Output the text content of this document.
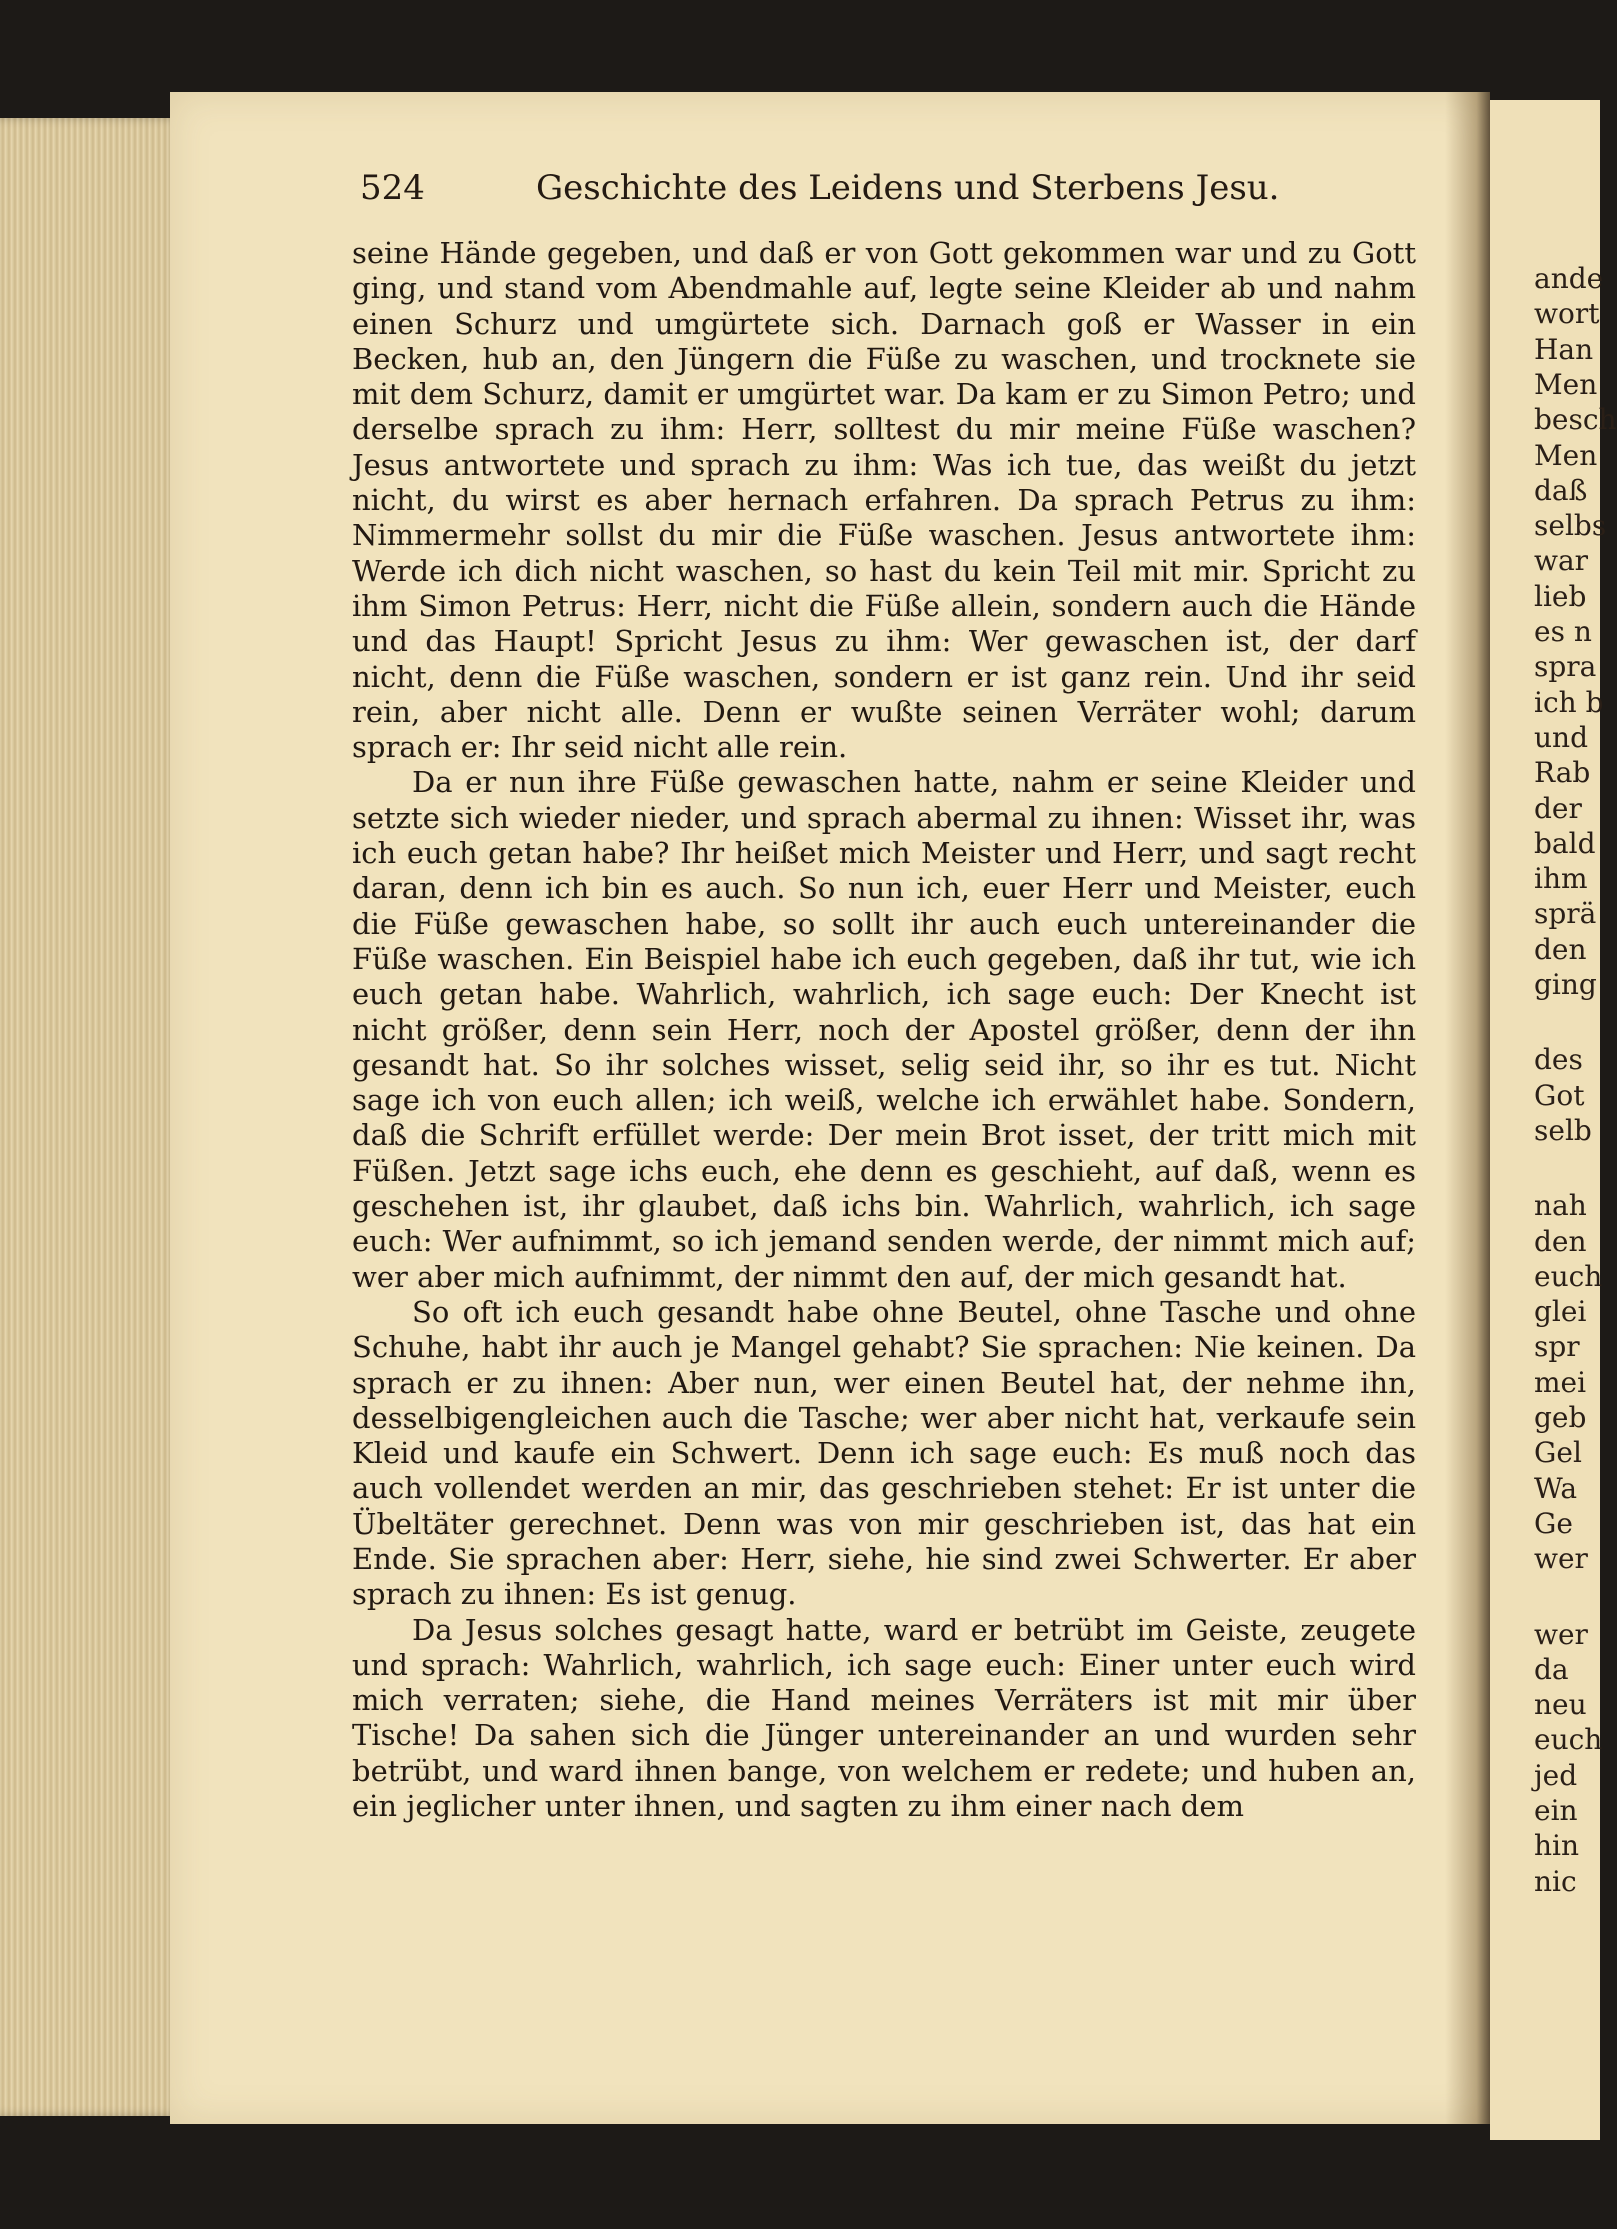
ande
wort
Han
Men
besch
Men
daß
selbs
war
lieb
es n
spra
ich b
und
Rab
der
bald
ihm
sprä
den
ging
des
Got
selb
nah
den
euch
glei
spr
mei
geb
Gel
Wa
Ge
wer
wer
da
neu
euch
jed
ein
hin
nic
524	Geschichte des Leidens und Sterbens Jesu.

seine Hände gegeben, und daß er von Gott gekommen war und zu Gott ging, und stand vom Abendmahle auf, legte seine Kleider ab und nahm einen Schurz und umgürtete sich. Darnach goß er Wasser in ein Becken, hub an, den Jüngern die Füße zu waschen, und trocknete sie mit dem Schurz, damit er umgürtet war. Da kam er zu Simon Petro; und derselbe sprach zu ihm: Herr, solltest du mir meine Füße waschen? Jesus antwortete und sprach zu ihm: Was ich tue, das weißt du jetzt nicht, du wirst es aber hernach erfahren. Da sprach Petrus zu ihm: Nimmermehr sollst du mir die Füße waschen. Jesus antwortete ihm: Werde ich dich nicht waschen, so hast du kein Teil mit mir. Spricht zu ihm Simon Petrus: Herr, nicht die Füße allein, sondern auch die Hände und das Haupt! Spricht Jesus zu ihm: Wer gewaschen ist, der darf nicht, denn die Füße waschen, sondern er ist ganz rein. Und ihr seid rein, aber nicht alle. Denn er wußte seinen Verräter wohl; darum sprach er: Ihr seid nicht alle rein.

Da er nun ihre Füße gewaschen hatte, nahm er seine Kleider und setzte sich wieder nieder, und sprach abermal zu ihnen: Wisset ihr, was ich euch getan habe? Ihr heißet mich Meister und Herr, und sagt recht daran, denn ich bin es auch. So nun ich, euer Herr und Meister, euch die Füße gewaschen habe, so sollt ihr auch euch untereinander die Füße waschen. Ein Beispiel habe ich euch gegeben, daß ihr tut, wie ich euch getan habe. Wahrlich, wahrlich, ich sage euch: Der Knecht ist nicht größer, denn sein Herr, noch der Apostel größer, denn der ihn gesandt hat. So ihr solches wisset, selig seid ihr, so ihr es tut. Nicht sage ich von euch allen; ich weiß, welche ich erwählet habe. Sondern, daß die Schrift erfüllet werde: Der mein Brot isset, der tritt mich mit Füßen. Jetzt sage ichs euch, ehe denn es geschieht, auf daß, wenn es geschehen ist, ihr glaubet, daß ichs bin. Wahrlich, wahrlich, ich sage euch: Wer aufnimmt, so ich jemand senden werde, der nimmt mich auf; wer aber mich aufnimmt, der nimmt den auf, der mich gesandt hat.

So oft ich euch gesandt habe ohne Beutel, ohne Tasche und ohne Schuhe, habt ihr auch je Mangel gehabt? Sie sprachen: Nie keinen. Da sprach er zu ihnen: Aber nun, wer einen Beutel hat, der nehme ihn, desselbigengleichen auch die Tasche; wer aber nicht hat, verkaufe sein Kleid und kaufe ein Schwert. Denn ich sage euch: Es muß noch das auch vollendet werden an mir, das geschrieben stehet: Er ist unter die Übeltäter gerechnet. Denn was von mir geschrieben ist, das hat ein Ende. Sie sprachen aber: Herr, siehe, hie sind zwei Schwerter. Er aber sprach zu ihnen: Es ist genug.

Da Jesus solches gesagt hatte, ward er betrübt im Geiste, zeugete und sprach: Wahrlich, wahrlich, ich sage euch: Einer unter euch wird mich verraten; siehe, die Hand meines Verräters ist mit mir über Tische! Da sahen sich die Jünger untereinander an und wurden sehr betrübt, und ward ihnen bange, von welchem er redete; und huben an, ein jeglicher unter ihnen, und sagten zu ihm einer nach dem
